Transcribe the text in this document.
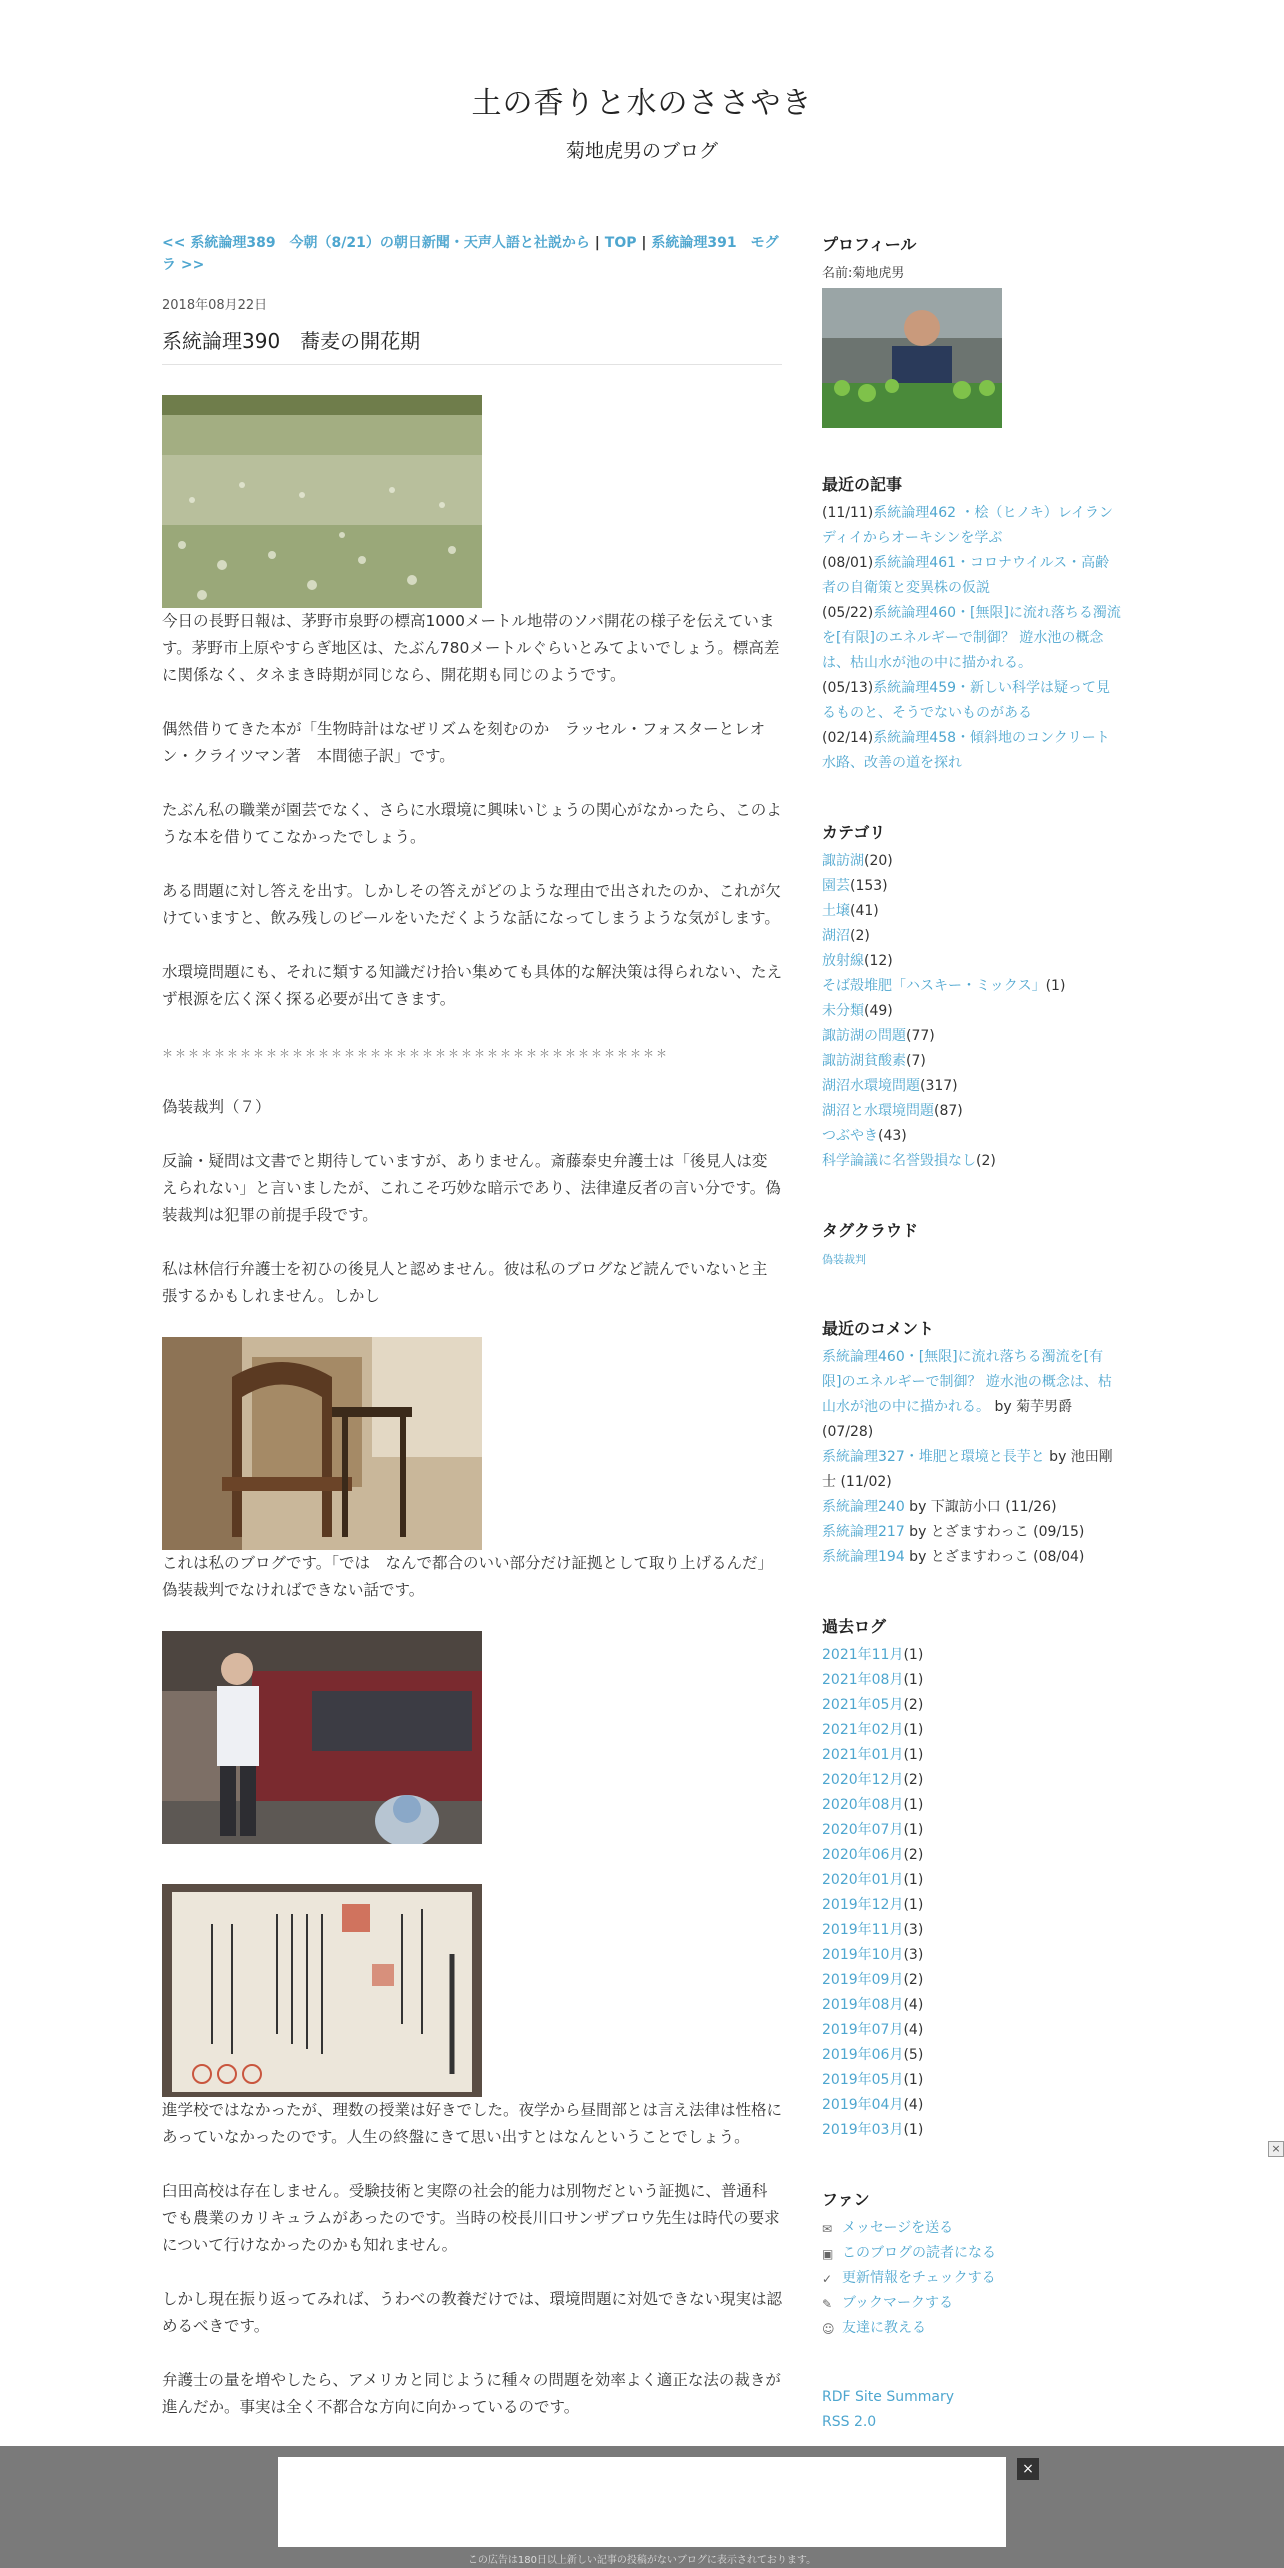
土の香りと水のささやき
菊地虎男のブログ
<< 系統論理389　今朝（8/21）の朝日新聞・天声人語と社説から | TOP | 系統論理391　モグラ >>
2018年08月22日
系統論理390　蕎麦の開花期

今日の長野日報は、茅野市泉野の標高1000メートル地帯のソバ開花の様子を伝えています。茅野市上原やすらぎ地区は、たぶん780メートルぐらいとみてよいでしょう。標高差に関係なく、タネまき時期が同じなら、開花期も同じのようです。

偶然借りてきた本が「生物時計はなぜリズムを刻むのか　ラッセル・フォスターとレオン・クライツマン著　本間徳子訳」です。

たぶん私の職業が園芸でなく、さらに水環境に興味いじょうの関心がなかったら、このような本を借りてこなかったでしょう。

ある問題に対し答えを出す。しかしその答えがどのような理由で出されたのか、これが欠けていますと、飲み残しのビールをいただくような話になってしまうような気がします。

水環境問題にも、それに類する知識だけ拾い集めても具体的な解決策は得られない、たえず根源を広く深く探る必要が出てきます。

＊＊＊＊＊＊＊＊＊＊＊＊＊＊＊＊＊＊＊＊＊＊＊＊＊＊＊＊＊＊＊＊＊＊＊＊＊＊＊

偽装裁判（７）

反論・疑問は文書でと期待していますが、ありません。斎藤泰史弁護士は「後見人は変えられない」と言いましたが、これこそ巧妙な暗示であり、法律違反者の言い分です。偽装裁判は犯罪の前提手段です。

私は林信行弁護士を初ひの後見人と認めません。彼は私のブログなど読んでいないと主張するかもしれません。しかし

これは私のブログです。「では　なんで都合のいい部分だけ証拠として取り上げるんだ」偽装裁判でなければできない話です。

進学校ではなかったが、理数の授業は好きでした。夜学から昼間部とは言え法律は性格にあっていなかったのです。人生の終盤にきて思い出すとはなんということでしょう。

臼田高校は存在しません。受験技術と実際の社会的能力は別物だという証拠に、普通科でも農業のカリキュラムがあったのです。当時の校長川口サンザブロウ先生は時代の要求について行けなかったのかも知れません。

しかし現在振り返ってみれば、うわべの教養だけでは、環境問題に対処できない現実は認めるべきです。

弁護士の量を増やしたら、アメリカと同じように種々の問題を効率よく適正な法の裁きが進んだか。事実は全く不都合な方向に向かっているのです。

プロフィール
名前:菊地虎男
最近の記事
(11/11)系統論理462 ・桧（ヒノキ）レイランディイからオーキシンを学ぶ
(08/01)系統論理461・コロナウイルス・高齢者の自衛策と変異株の仮説
(05/22)系統論理460・[無限]に流れ落ちる濁流を[有限]のエネルギーで制御？ 遊水池の概念は、枯山水が池の中に描かれる。
(05/13)系統論理459・新しい科学は疑って見るものと、そうでないものがある
(02/14)系統論理458・傾斜地のコンクリート水路、改善の道を探れ
カテゴリ
諏訪湖(20)
園芸(153)
土壌(41)
湖沼(2)
放射線(12)
そば殻堆肥「ハスキー・ミックス」(1)
未分類(49)
諏訪湖の問題(77)
諏訪湖貧酸素(7)
湖沼水環境問題(317)
湖沼と水環境問題(87)
つぶやき(43)
科学論議に名誉毀損なし(2)
タグクラウド
偽装裁判
最近のコメント
系統論理460・[無限]に流れ落ちる濁流を[有限]のエネルギーで制御？ 遊水池の概念は、枯山水が池の中に描かれる。 by 菊芋男爵 (07/28)
系統論理327・堆肥と環境と長芋と by 池田剛士 (11/02)
系統論理240 by 下諏訪小口 (11/26)
系統論理217 by とざますわっこ (09/15)
系統論理194 by とざますわっこ (08/04)
過去ログ
2021年11月(1)
2021年08月(1)
2021年05月(2)
2021年02月(1)
2021年01月(1)
2020年12月(2)
2020年08月(1)
2020年07月(1)
2020年06月(2)
2020年01月(1)
2019年12月(1)
2019年11月(3)
2019年10月(3)
2019年09月(2)
2019年08月(4)
2019年07月(4)
2019年06月(5)
2019年05月(1)
2019年04月(4)
2019年03月(1)
ファン
✉ メッセージを送る
▣ このブログの読者になる
✓ 更新情報をチェックする
✎ ブックマークする
☺ 友達に教える
RDF Site Summary
RSS 2.0
×
×
この広告は180日以上新しい記事の投稿がないブログに表示されております。
